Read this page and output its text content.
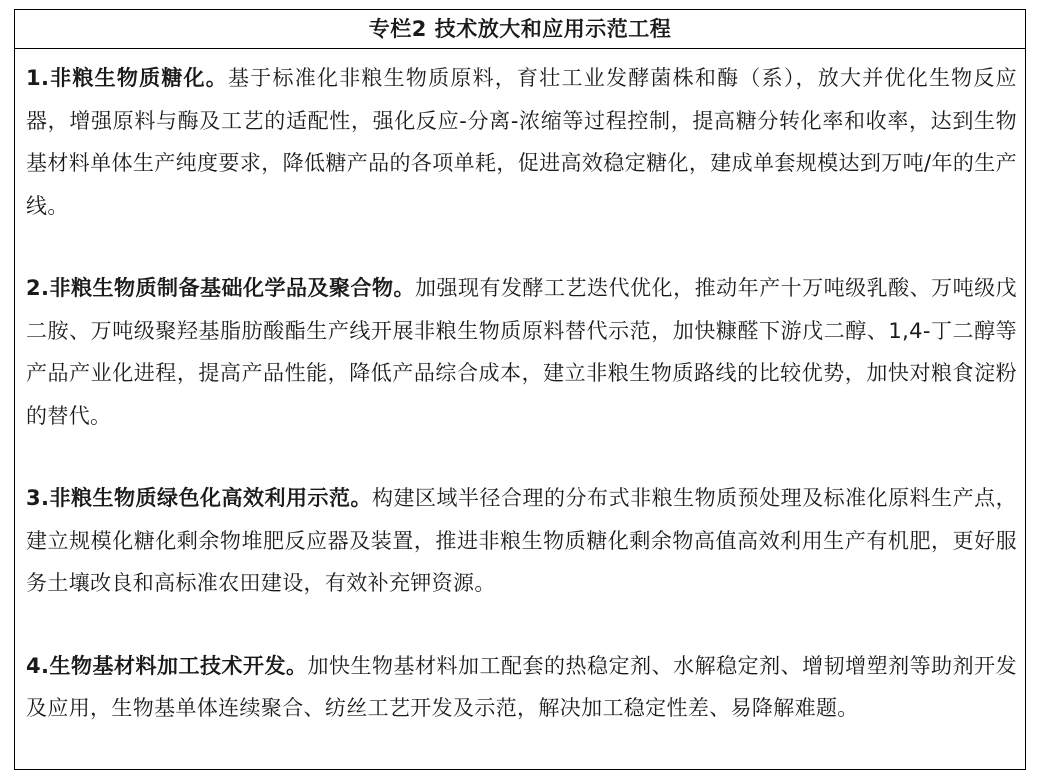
专栏2 技术放大和应用示范工程

1.非粮生物质糖化。基于标准化非粮生物质原料，育壮工业发酵菌株和酶（系），放大并优化生物反应器，增强原料与酶及工艺的适配性，强化反应-分离-浓缩等过程控制，提高糖分转化率和收率，达到生物基材料单体生产纯度要求，降低糖产品的各项单耗，促进高效稳定糖化，建成单套规模达到万吨/年的生产线。

2.非粮生物质制备基础化学品及聚合物。加强现有发酵工艺迭代优化，推动年产十万吨级乳酸、万吨级戊二胺、万吨级聚羟基脂肪酸酯生产线开展非粮生物质原料替代示范，加快糠醛下游戊二醇、1,4-丁二醇等产品产业化进程，提高产品性能，降低产品综合成本，建立非粮生物质路线的比较优势，加快对粮食淀粉的替代。

3.非粮生物质绿色化高效利用示范。构建区域半径合理的分布式非粮生物质预处理及标准化原料生产点，建立规模化糖化剩余物堆肥反应器及装置，推进非粮生物质糖化剩余物高值高效利用生产有机肥，更好服务土壤改良和高标准农田建设，有效补充钾资源。

4.生物基材料加工技术开发。加快生物基材料加工配套的热稳定剂、水解稳定剂、增韧增塑剂等助剂开发及应用，生物基单体连续聚合、纺丝工艺开发及示范，解决加工稳定性差、易降解难题。
